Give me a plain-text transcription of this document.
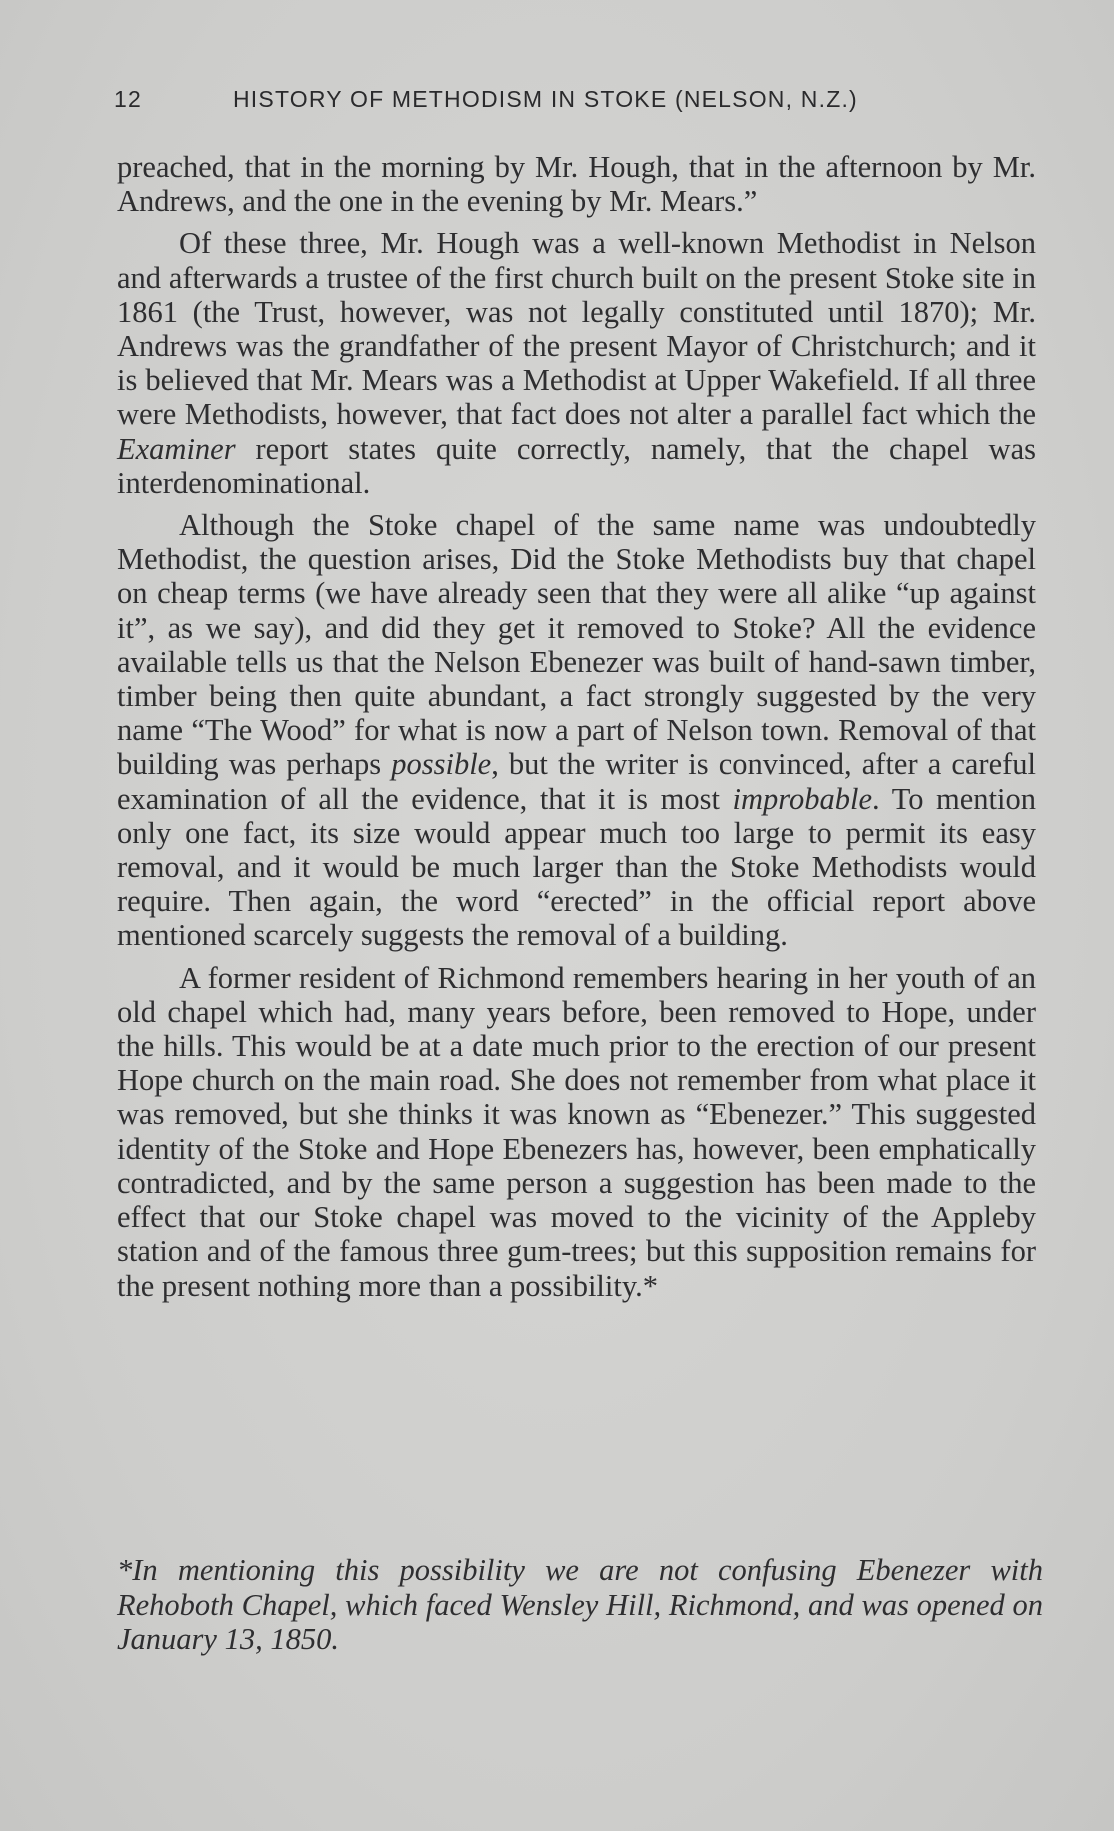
12	HISTORY OF METHODISM IN STOKE (NELSON, N.Z.)

preached, that in the morning by Mr. Hough, that in the afternoon by Mr. Andrews, and the one in the evening by Mr. Mears.”

Of these three, Mr. Hough was a well-known Methodist in Nelson and afterwards a trustee of the first church built on the present Stoke site in 1861 (the Trust, however, was not legally constituted until 1870); Mr. Andrews was the grandfather of the present Mayor of Christchurch; and it is believed that Mr. Mears was a Methodist at Upper Wakefield. If all three were Methodists, however, that fact does not alter a parallel fact which the Examiner report states quite correctly, namely, that the chapel was interdenominational.

Although the Stoke chapel of the same name was undoubtedly Methodist, the question arises, Did the Stoke Methodists buy that chapel on cheap terms (we have already seen that they were all alike “up against it”, as we say), and did they get it removed to Stoke? All the evidence available tells us that the Nelson Ebenezer was built of hand-sawn timber, timber being then quite abundant, a fact strongly suggested by the very name “The Wood” for what is now a part of Nelson town. Removal of that building was perhaps possible, but the writer is convinced, after a careful examination of all the evidence, that it is most improbable. To mention only one fact, its size would appear much too large to permit its easy removal, and it would be much larger than the Stoke Methodists would require. Then again, the word “erected” in the official report above mentioned scarcely suggests the removal of a building.

A former resident of Richmond remembers hearing in her youth of an old chapel which had, many years before, been removed to Hope, under the hills. This would be at a date much prior to the erection of our present Hope church on the main road. She does not remember from what place it was removed, but she thinks it was known as “Ebenezer.” This suggested identity of the Stoke and Hope Ebenezers has, however, been emphatically contradicted, and by the same person a suggestion has been made to the effect that our Stoke chapel was moved to the vicinity of the Appleby station and of the famous three gum-trees; but this supposition remains for the present nothing more than a possibility.*

*In mentioning this possibility we are not confusing Ebenezer with Rehoboth Chapel, which faced Wensley Hill, Richmond, and was opened on January 13, 1850.
